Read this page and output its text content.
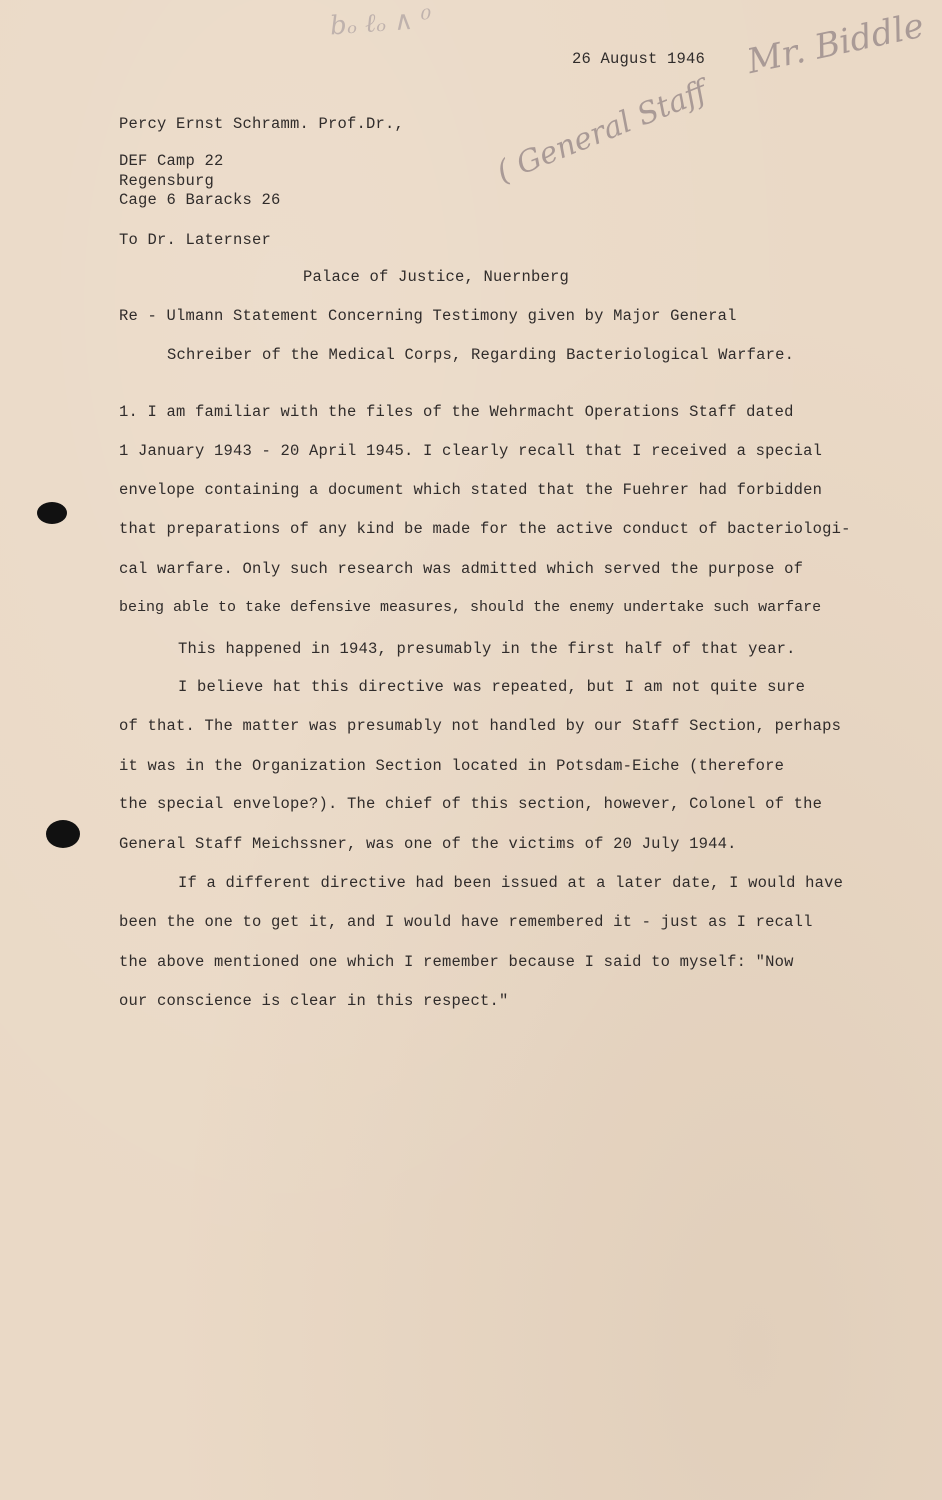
bₒ ℓₒ ∧ ⁰	Mr. Biddle
( General Staff
26 August 1946
Percy Ernst Schramm. Prof.Dr.,
DEF Camp 22
Regensburg
Cage 6 Baracks 26
To Dr. Laternser
Palace of Justice, Nuernberg
Re - Ulmann Statement Concerning Testimony given by Major General
Schreiber of the Medical Corps, Regarding Bacteriological Warfare.
1. I am familiar with the files of the Wehrmacht Operations Staff dated
1 January 1943 - 20 April 1945. I clearly recall that I received a special
envelope containing a document which stated that the Fuehrer had forbidden
that preparations of any kind be made for the active conduct of bacteriologi-
cal warfare. Only such research was admitted which served the purpose of
being able to take defensive measures, should the enemy undertake such warfare
This happened in 1943, presumably in the first half of that year.
I believe hat this directive was repeated, but I am not quite sure
of that. The matter was presumably not handled by our Staff Section, perhaps
it was in the Organization Section located in Potsdam-Eiche (therefore
the special envelope?). The chief of this section, however, Colonel of the
General Staff Meichssner, was one of the victims of 20 July 1944.
If a different directive had been issued at a later date, I would have
been the one to get it, and I would have remembered it - just as I recall
the above mentioned one which I remember because I said to myself: "Now
our conscience is clear in this respect."
